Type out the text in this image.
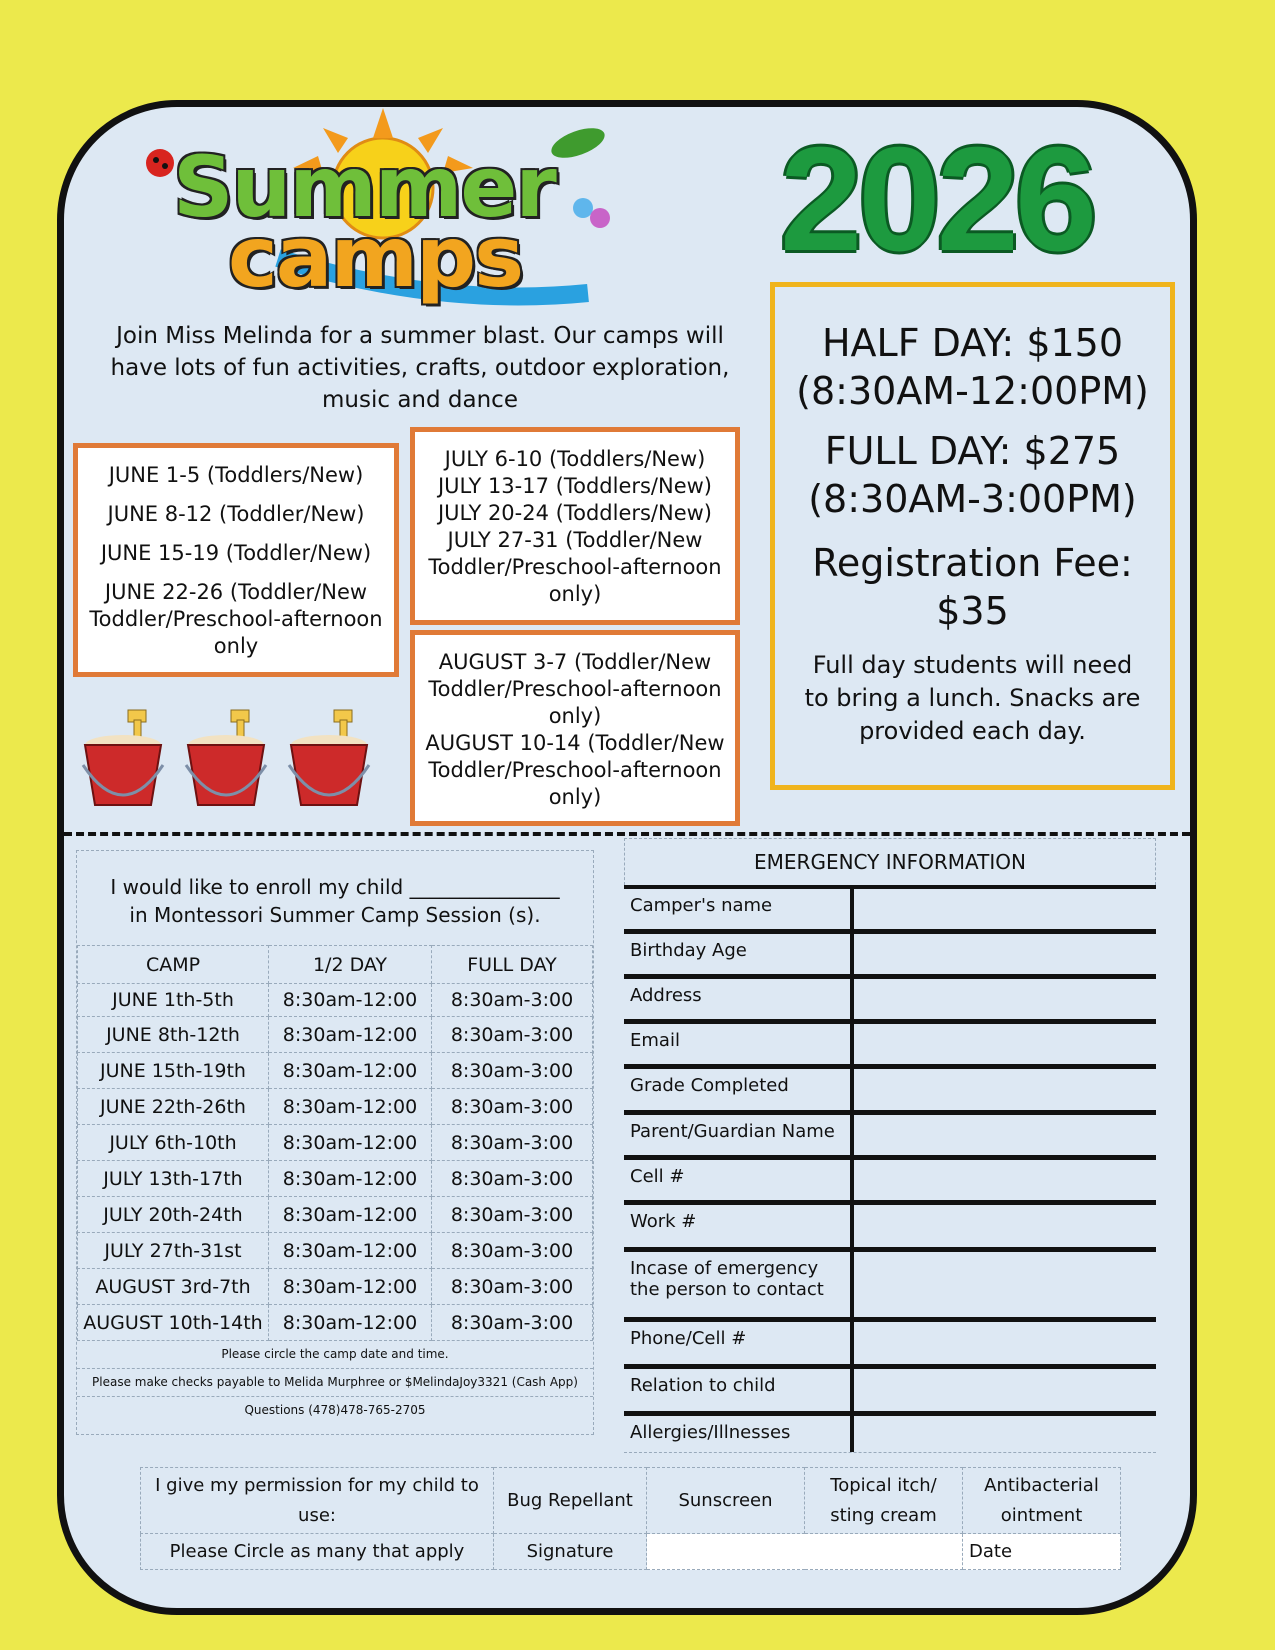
Summer
camps 2026
Join Miss Melinda for a summer blast. Our camps will have lots of fun activities, crafts, outdoor exploration, music and dance
JUNE 1-5 (Toddlers/New)
JUNE 8-12 (Toddler/New)
JUNE 15-19 (Toddler/New)
JUNE 22-26 (Toddler/New Toddler/Preschool-afternoon only
JULY 6-10 (Toddlers/New)
JULY 13-17 (Toddlers/New)
JULY 20-24 (Toddlers/New)
JULY 27-31 (Toddler/New Toddler/Preschool-afternoon only)
AUGUST 3-7 (Toddler/New Toddler/Preschool-afternoon only)
AUGUST 10-14 (Toddler/New Toddler/Preschool-afternoon only)
HALF DAY: $150
(8:30AM-12:00PM)
FULL DAY: $275
(8:30AM-3:00PM)
Registration Fee:
$35
Full day students will need to bring a lunch. Snacks are provided each day.
I would like to enroll my child _______________
in Montessori Summer Camp Session (s).
CAMP	1/2 DAY	FULL DAY
JUNE 1th-5th	8:30am-12:00	8:30am-3:00
JUNE 8th-12th	8:30am-12:00	8:30am-3:00
JUNE 15th-19th	8:30am-12:00	8:30am-3:00
JUNE 22th-26th	8:30am-12:00	8:30am-3:00
JULY 6th-10th	8:30am-12:00	8:30am-3:00
JULY 13th-17th	8:30am-12:00	8:30am-3:00
JULY 20th-24th	8:30am-12:00	8:30am-3:00
JULY 27th-31st	8:30am-12:00	8:30am-3:00
AUGUST 3rd-7th	8:30am-12:00	8:30am-3:00
AUGUST 10th-14th	8:30am-12:00	8:30am-3:00
Please circle the camp date and time.
Please make checks payable to Melida Murphree or $MelindaJoy3321 (Cash App)
Questions (478)478-765-2705
EMERGENCY INFORMATION
Camper's name
Birthday Age
Address
Email
Grade Completed
Parent/Guardian Name
Cell #
Work #
Incase of emergency the person to contact
Phone/Cell #
Relation to child
Allergies/Illnesses
I give my permission for my child to use:	Bug Repellant	Sunscreen	Topical itch/ sting cream	Antibacterial ointment
Please Circle as many that apply	Signature			Date
